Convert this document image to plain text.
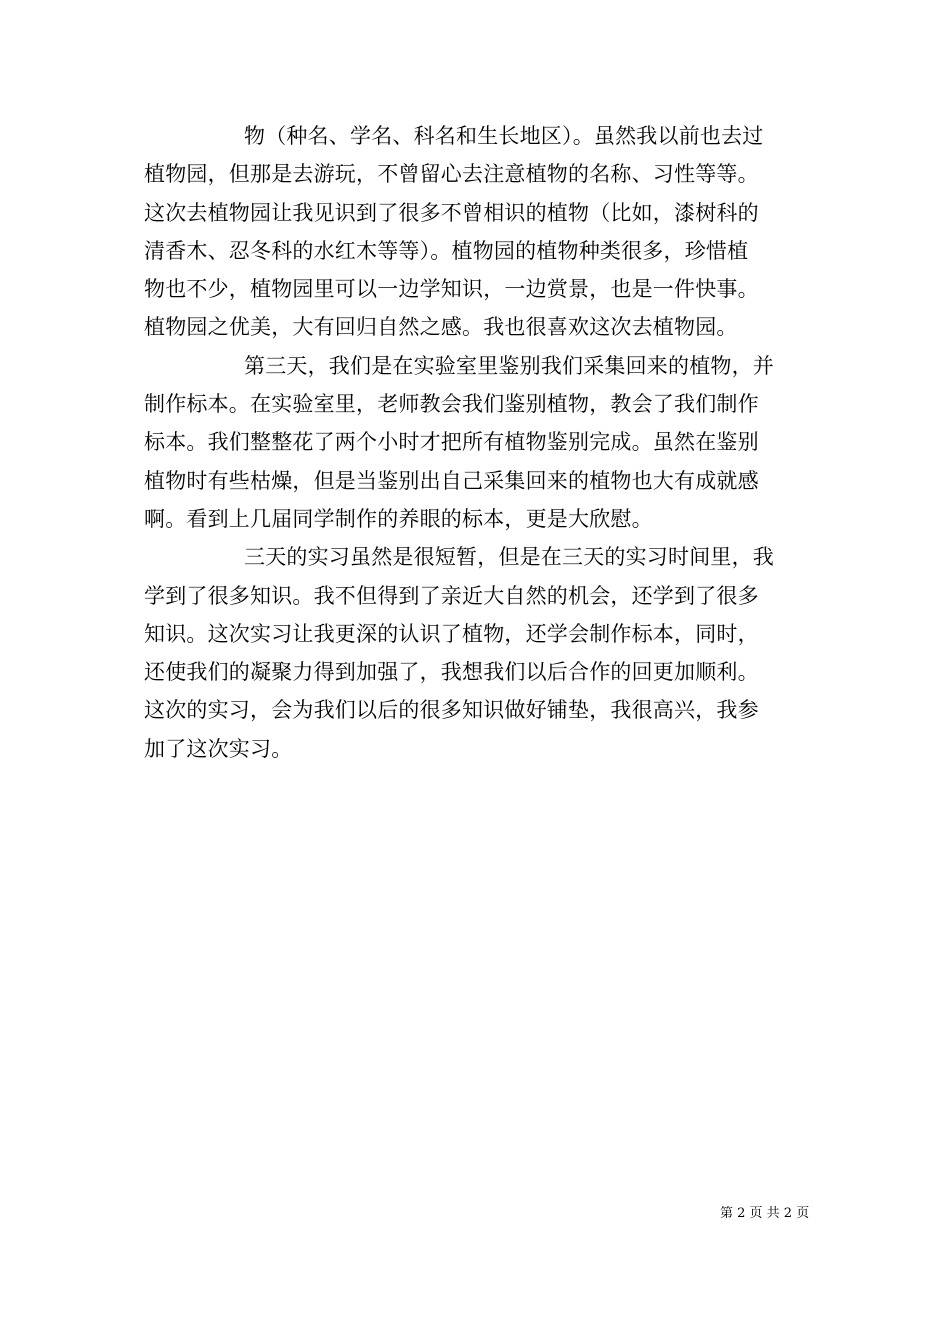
物（种名、学名、科名和生长地区）。虽然我以前也去过
植物园，但那是去游玩，不曾留心去注意植物的名称、习性等等。
这次去植物园让我见识到了很多不曾相识的植物（比如，漆树科的
清香木、忍冬科的水红木等等）。植物园的植物种类很多，珍惜植
物也不少，植物园里可以一边学知识，一边赏景，也是一件快事。
植物园之优美，大有回归自然之感。我也很喜欢这次去植物园。
第三天，我们是在实验室里鉴别我们采集回来的植物，并
制作标本。在实验室里，老师教会我们鉴别植物，教会了我们制作
标本。我们整整花了两个小时才把所有植物鉴别完成。虽然在鉴别
植物时有些枯燥，但是当鉴别出自己采集回来的植物也大有成就感
啊。看到上几届同学制作的养眼的标本，更是大欣慰。
三天的实习虽然是很短暂，但是在三天的实习时间里，我
学到了很多知识。我不但得到了亲近大自然的机会，还学到了很多
知识。这次实习让我更深的认识了植物，还学会制作标本，同时，
还使我们的凝聚力得到加强了，我想我们以后合作的回更加顺利。
这次的实习，会为我们以后的很多知识做好铺垫，我很高兴，我参
加了这次实习。
第 2 页 共 2 页
